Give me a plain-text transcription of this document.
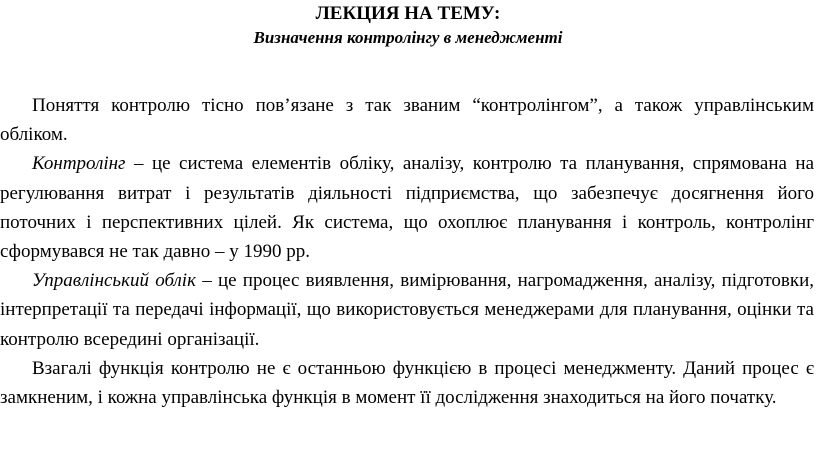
ЛЕКЦИЯ НА ТЕМУ:
Визначення контролінгу в менеджменті

Поняття контролю тісно пов’язане з так званим “контролінгом”, а також управлінським обліком.

Контролінг – це система елементів обліку, аналізу, контролю та планування, спрямована на регулювання витрат і результатів діяльності підприємства, що забезпечує досягнення його поточних і перспективних цілей. Як система, що охоплює планування і контроль, контролінг сформувався не так давно – у 1990 рр.

Управлінський облік – це процес виявлення, вимірювання, нагромадження, аналізу, підготовки, інтерпретації та передачі інформації, що використовується менеджерами для планування, оцінки та контролю всередині організації.

Взагалі функція контролю не є останньою функцією в процесі менеджменту. Даний процес є замкненим, і кожна управлінська функція в момент її дослідження знаходиться на його початку.
